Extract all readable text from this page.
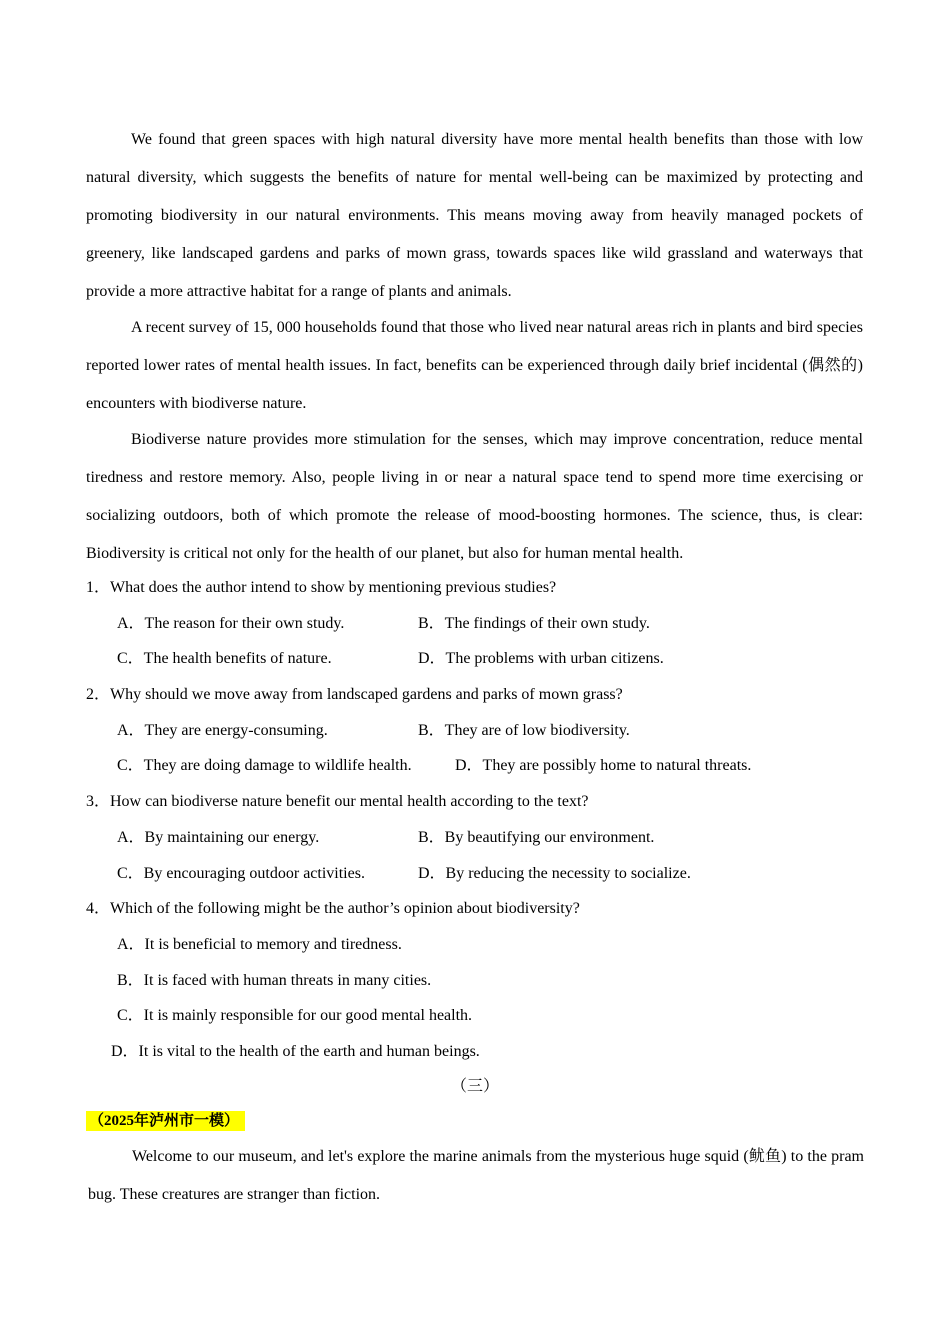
We found that green spaces with high natural diversity have more mental health benefits than those with low natural diversity, which suggests the benefits of nature for mental well-being can be maximized by protecting and promoting biodiversity in our natural environments. This means moving away from heavily managed pockets of greenery, like landscaped gardens and parks of mown grass, towards spaces like wild grassland and waterways that provide a more attractive habitat for a range of plants and animals.

A recent survey of 15, 000 households found that those who lived near natural areas rich in plants and bird species reported lower rates of mental health issues. In fact, benefits can be experienced through daily brief incidental (偶然的) encounters with biodiverse nature.

Biodiverse nature provides more stimulation for the senses, which may improve concentration, reduce mental tiredness and restore memory. Also, people living in or near a natural space tend to spend more time exercising or socializing outdoors, both of which promote the release of mood-boosting hormones. The science, thus, is clear: Biodiversity is critical not only for the health of our planet, but also for human mental health.

1．What does the author intend to show by mentioning previous studies?
A．The reason for their own study.	B．The findings of their own study.
C．The health benefits of nature.	D．The problems with urban citizens.
2．Why should we move away from landscaped gardens and parks of mown grass?
A．They are energy-consuming.	B．They are of low biodiversity.
C．They are doing damage to wildlife health.	D．They are possibly home to natural threats.
3．How can biodiverse nature benefit our mental health according to the text?
A．By maintaining our energy.	B．By beautifying our environment.
C．By encouraging outdoor activities.	D．By reducing the necessity to socialize.
4．Which of the following might be the author’s opinion about biodiversity?
A．It is beneficial to memory and tiredness.
B．It is faced with human threats in many cities.
C．It is mainly responsible for our good mental health.
D．It is vital to the health of the earth and human beings.
（三）
（2025年泸州市一模）

Welcome to our museum, and let's explore the marine animals from the mysterious huge squid (鱿鱼) to the pram bug. These creatures are stranger than fiction.
